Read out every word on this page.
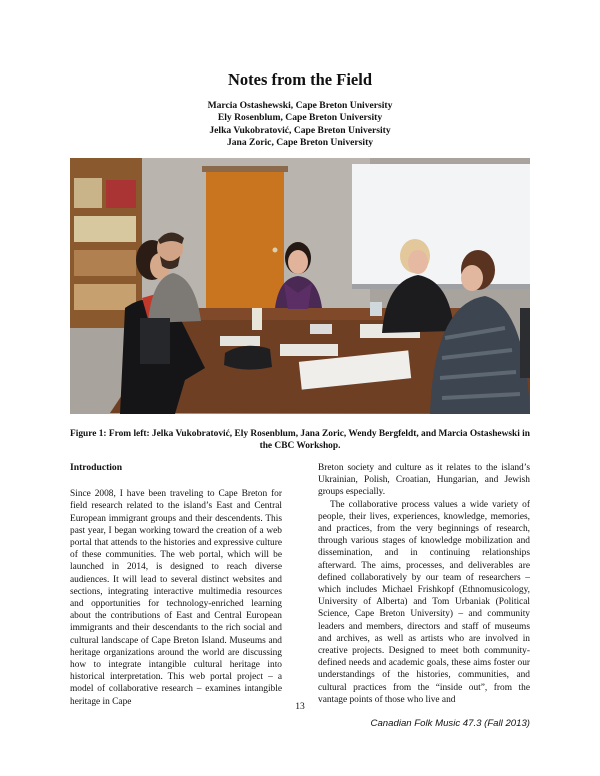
Notes from the Field
Marcia Ostashewski, Cape Breton University
Ely Rosenblum, Cape Breton University
Jelka Vukobratović, Cape Breton University
Jana Zoric, Cape Breton University
Figure 1: From left: Jelka Vukobratović, Ely Rosenblum, Jana Zoric, Wendy Bergfeldt, and Marcia Ostashewski in the CBC Workshop.
Introduction

Since 2008, I have been traveling to Cape Breton for field research related to the island’s East and Central European immigrant groups and their descendents. This past year, I began working toward the creation of a web portal that attends to the histories and expressive culture of these communities. The web portal, which will be launched in 2014, is designed to reach diverse audiences. It will lead to several distinct websites and sections, integrating interactive multimedia resources and opportunities for technology-enriched learning about the contributions of East and Central European immigrants and their descendants to the rich social and cultural landscape of Cape Breton Island. Museums and heritage organizations around the world are discussing how to integrate intangible cultural heritage into historical interpretation. This web portal project – a model of collaborative research – examines intangible heritage in Cape

Breton society and culture as it relates to the island’s Ukrainian, Polish, Croatian, Hungarian, and Jewish groups especially.

The collaborative process values a wide variety of people, their lives, experiences, knowledge, memories, and practices, from the very beginnings of research, through various stages of knowledge mobilization and dissemination, and in continuing relationships afterward. The aims, processes, and deliverables are defined collaboratively by our team of researchers – which includes Michael Frishkopf (Ethnomusicology, University of Alberta) and Tom Urbaniak (Political Science, Cape Breton University) – and community leaders and members, directors and staff of museums and archives, as well as artists who are involved in creative projects. Designed to meet both community-defined needs and academic goals, these aims foster our understandings of the histories, communities, and cultural practices from the “inside out”, from the vantage points of those who live and

13
Canadian Folk Music 47.3 (Fall 2013)
